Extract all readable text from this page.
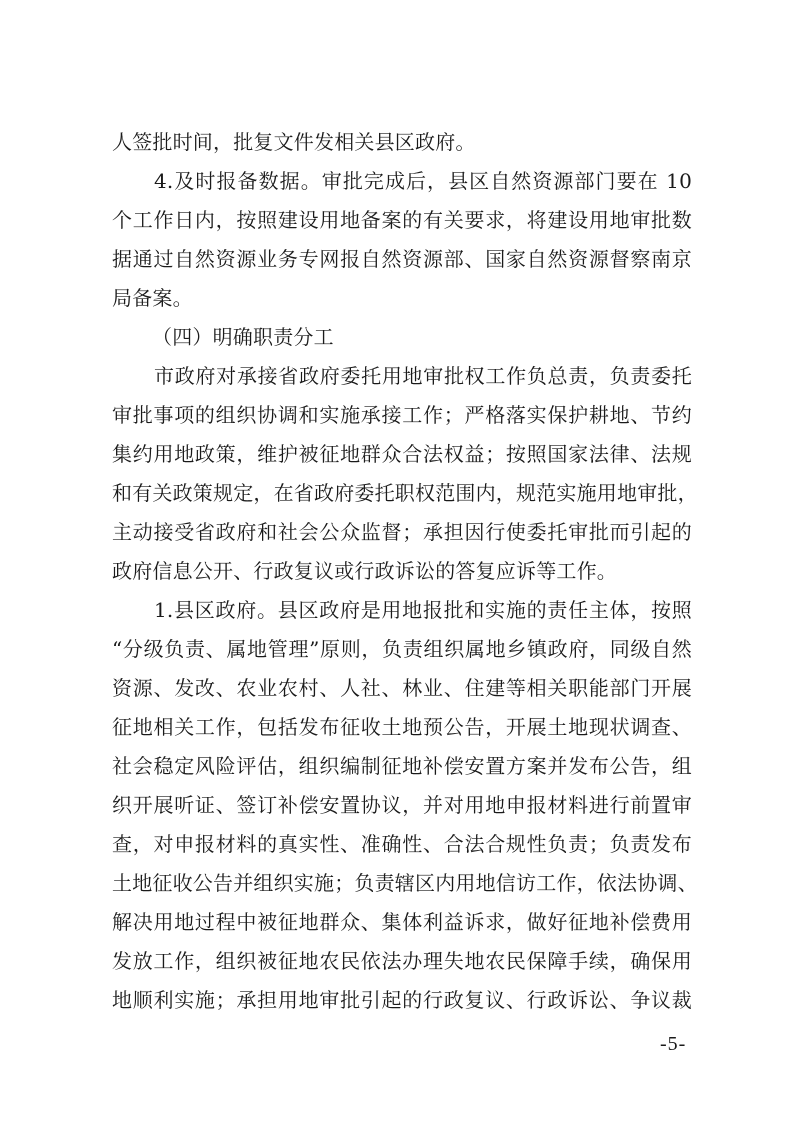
人签批时间，批复文件发相关县区政府。
4.及时报备数据。审批完成后，县区自然资源部门要在 10
个工作日内，按照建设用地备案的有关要求，将建设用地审批数
据通过自然资源业务专网报自然资源部、国家自然资源督察南京
局备案。
（四）明确职责分工
市政府对承接省政府委托用地审批权工作负总责，负责委托
审批事项的组织协调和实施承接工作；严格落实保护耕地、节约
集约用地政策，维护被征地群众合法权益；按照国家法律、法规
和有关政策规定，在省政府委托职权范围内，规范实施用地审批，
主动接受省政府和社会公众监督；承担因行使委托审批而引起的
政府信息公开、行政复议或行政诉讼的答复应诉等工作。
1.县区政府。县区政府是用地报批和实施的责任主体，按照
“分级负责、属地管理”原则，负责组织属地乡镇政府，同级自然
资源、发改、农业农村、人社、林业、住建等相关职能部门开展
征地相关工作，包括发布征收土地预公告，开展土地现状调查、
社会稳定风险评估，组织编制征地补偿安置方案并发布公告，组
织开展听证、签订补偿安置协议，并对用地申报材料进行前置审
查，对申报材料的真实性、准确性、合法合规性负责；负责发布
土地征收公告并组织实施；负责辖区内用地信访工作，依法协调、
解决用地过程中被征地群众、集体利益诉求，做好征地补偿费用
发放工作，组织被征地农民依法办理失地农民保障手续，确保用
地顺利实施；承担用地审批引起的行政复议、行政诉讼、争议裁
-5-
